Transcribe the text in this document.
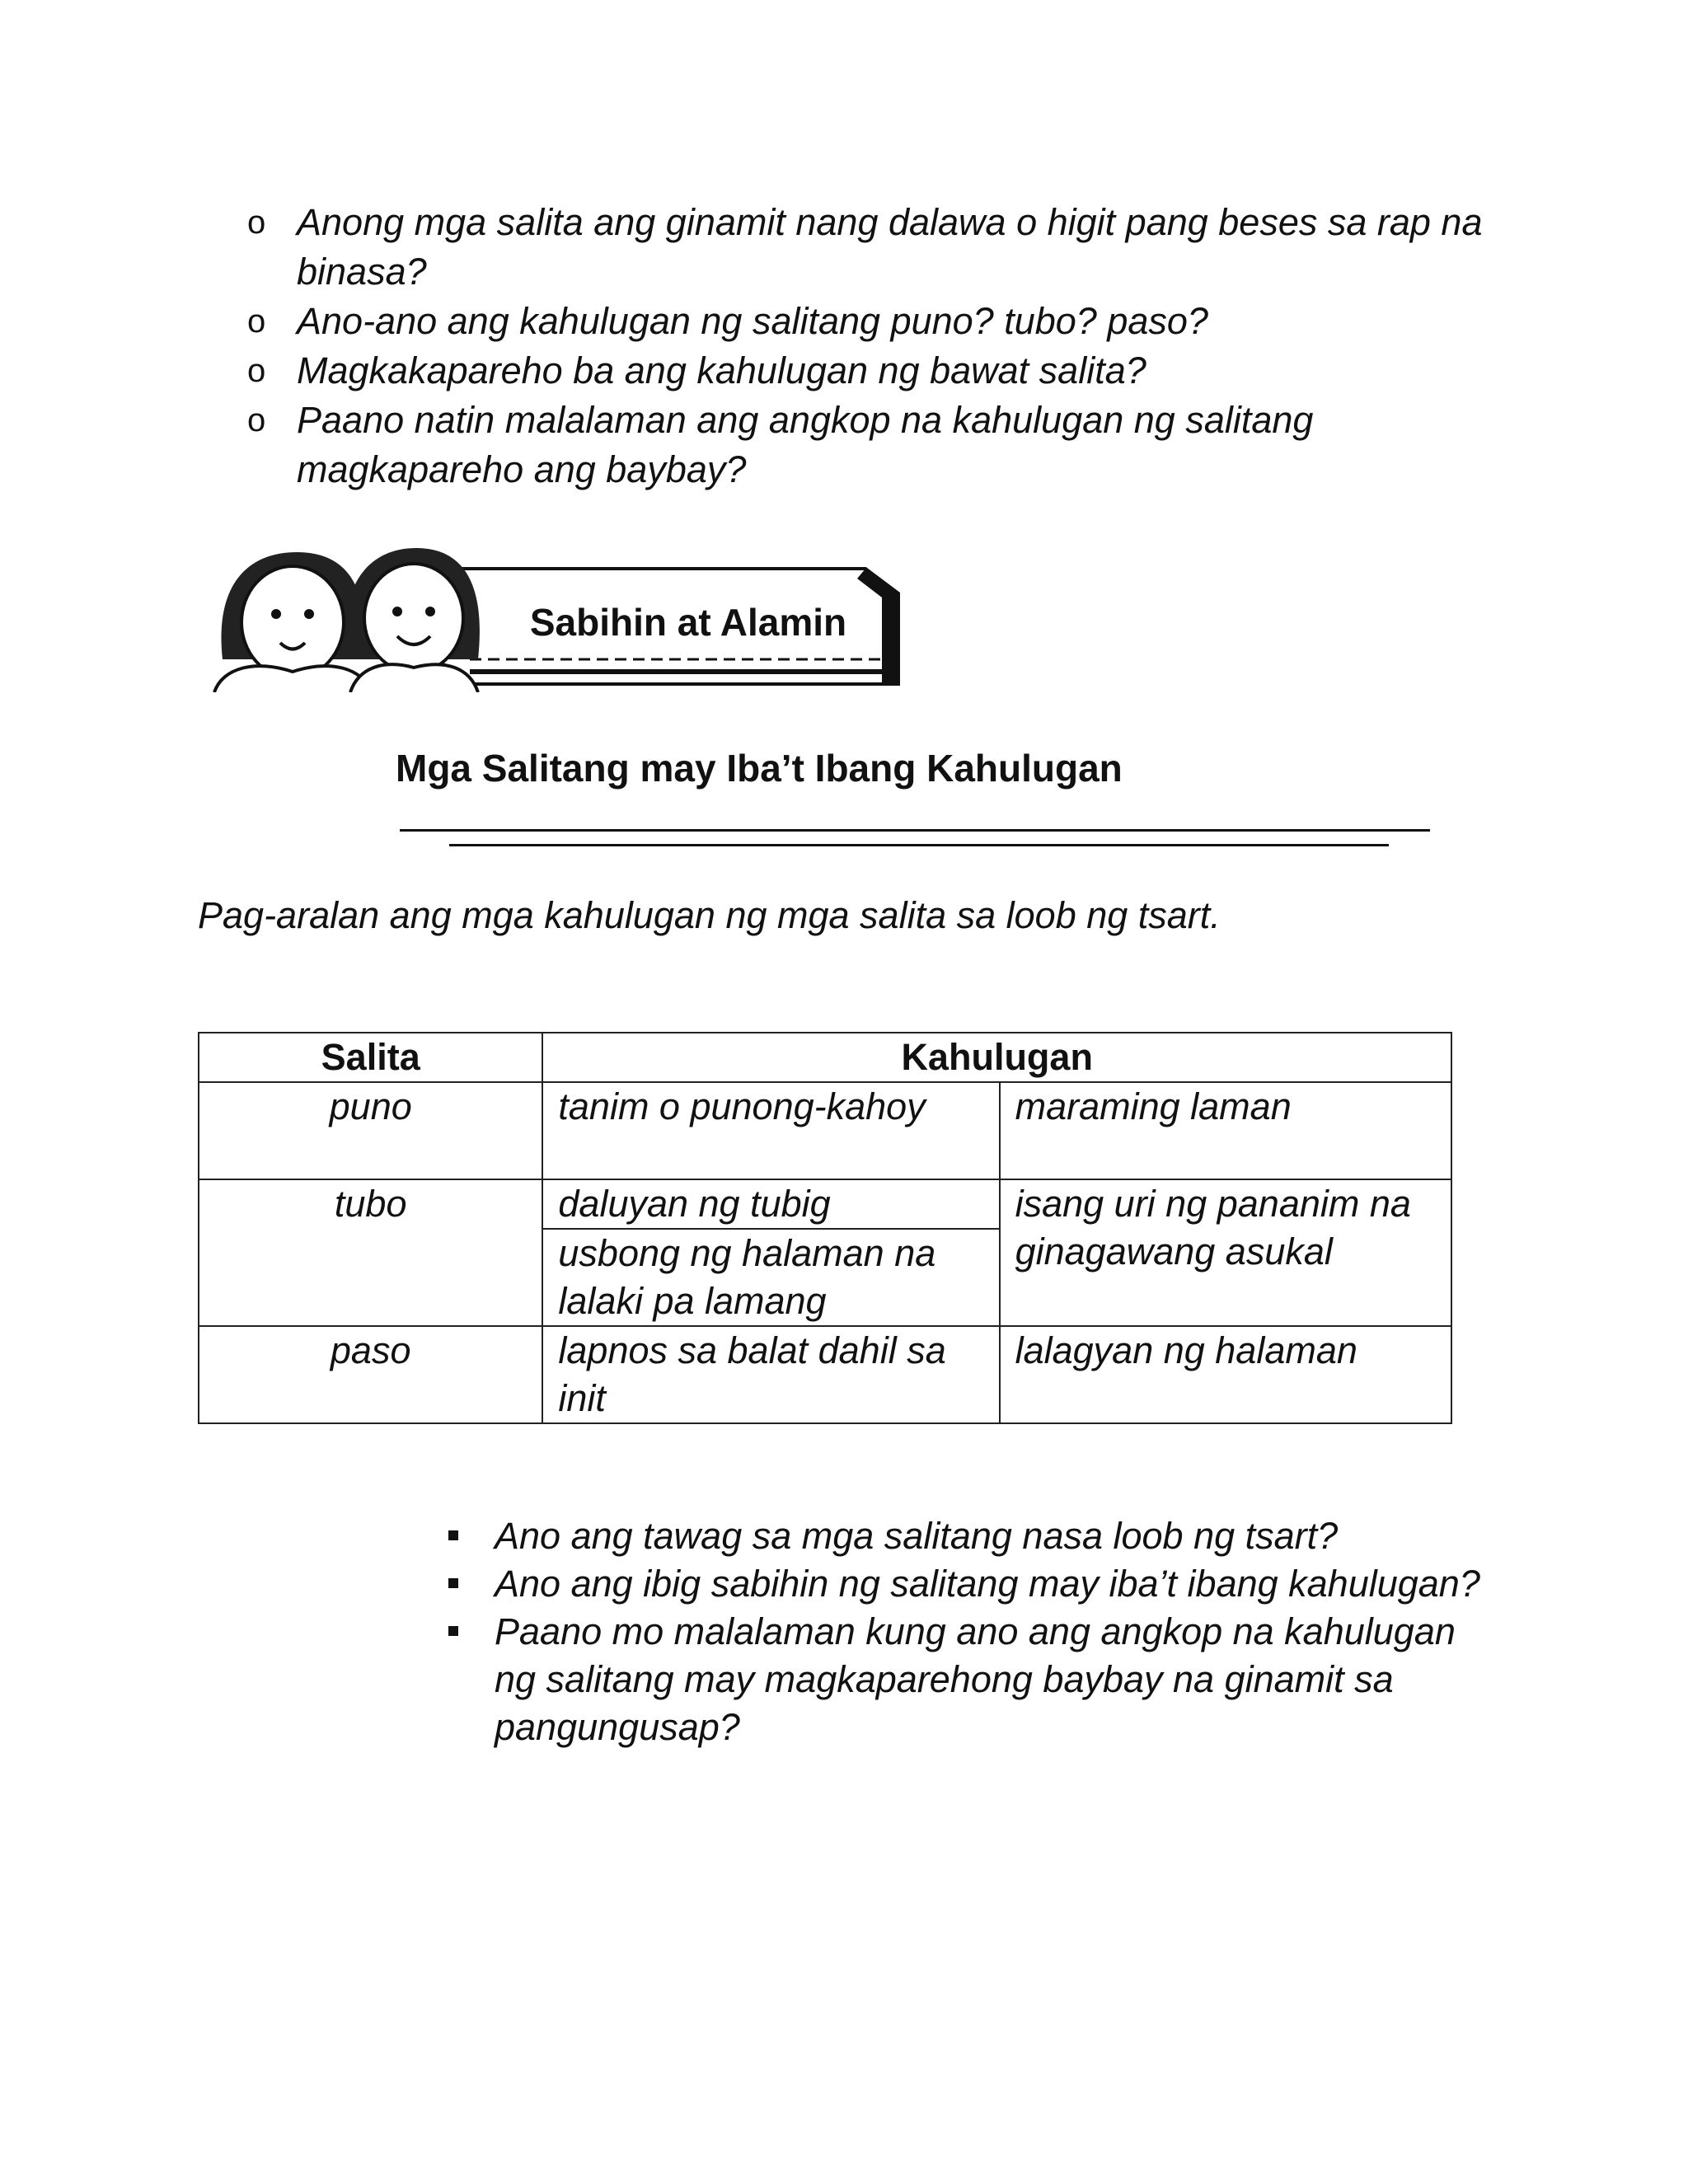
o Anong mga salita ang ginamit nang dalawa o higit pang beses sa rap na binasa?
o Ano-ano ang kahulugan ng salitang puno? tubo? paso?
o Magkakapareho ba ang kahulugan ng bawat salita?
o Paano natin malalaman ang angkop na kahulugan ng salitang magkapareho ang baybay?
Sabihin at Alamin
Mga Salitang may Iba’t Ibang Kahulugan
Pag-aralan ang mga kahulugan ng mga salita sa loob ng tsart.
Salita	Kahulugan	
puno	tanim o punong-kahoy	maraming laman
tubo	daluyan ng tubig	isang uri ng pananim na ginagawang asukal
	usbong ng halaman na lalaki pa lamang	
paso	lapnos sa balat dahil sa init	lalagyan ng halaman
Ano ang tawag sa mga salitang nasa loob ng tsart?
Ano ang ibig sabihin ng salitang may iba’t ibang kahulugan?
Paano mo malalaman kung ano ang angkop na kahulugan ng salitang may magkaparehong baybay na ginamit sa pangungusap?
